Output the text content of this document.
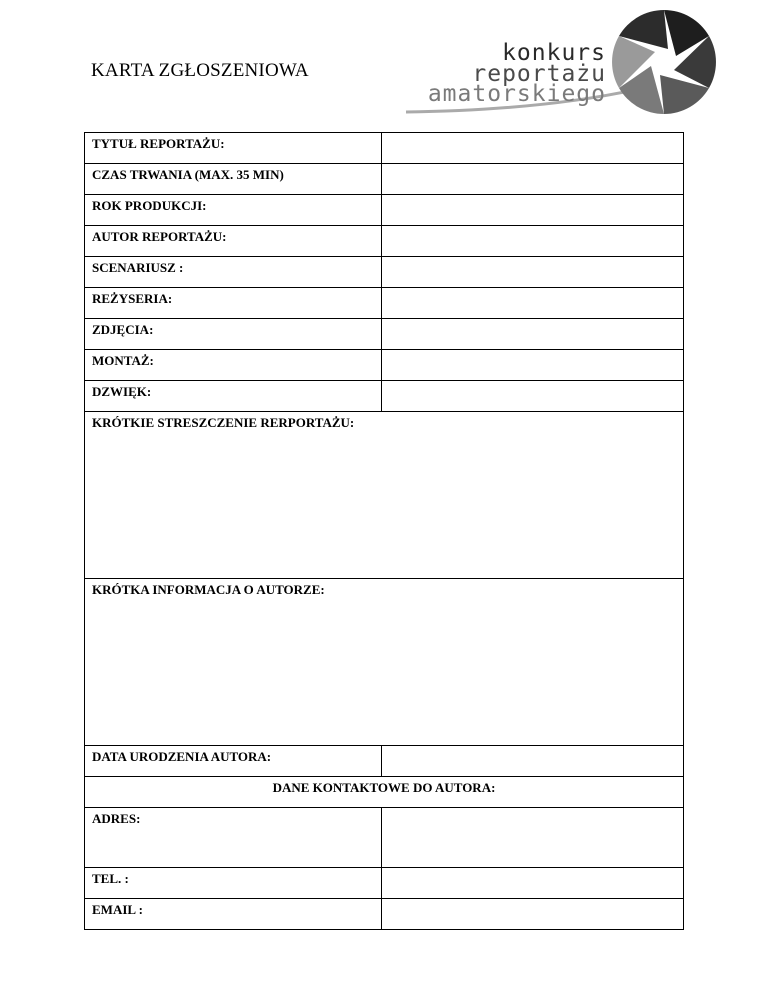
KARTA ZGŁOSZENIOWA
konkurs
reportażu
amatorskiego
TYTUŁ REPORTAŻU:	
CZAS TRWANIA (MAX. 35 MIN)	
ROK PRODUKCJI:	
AUTOR REPORTAŻU:	
SCENARIUSZ :	
REŻYSERIA:	
ZDJĘCIA:	
MONTAŻ:	
DZWIĘK:	
KRÓTKIE STRESZCZENIE RERPORTAŻU:	
KRÓTKA INFORMACJA O AUTORZE:	
DATA URODZENIA AUTORA:	
DANE KONTAKTOWE DO AUTORA:	
ADRES:	
TEL. :	
EMAIL :	
